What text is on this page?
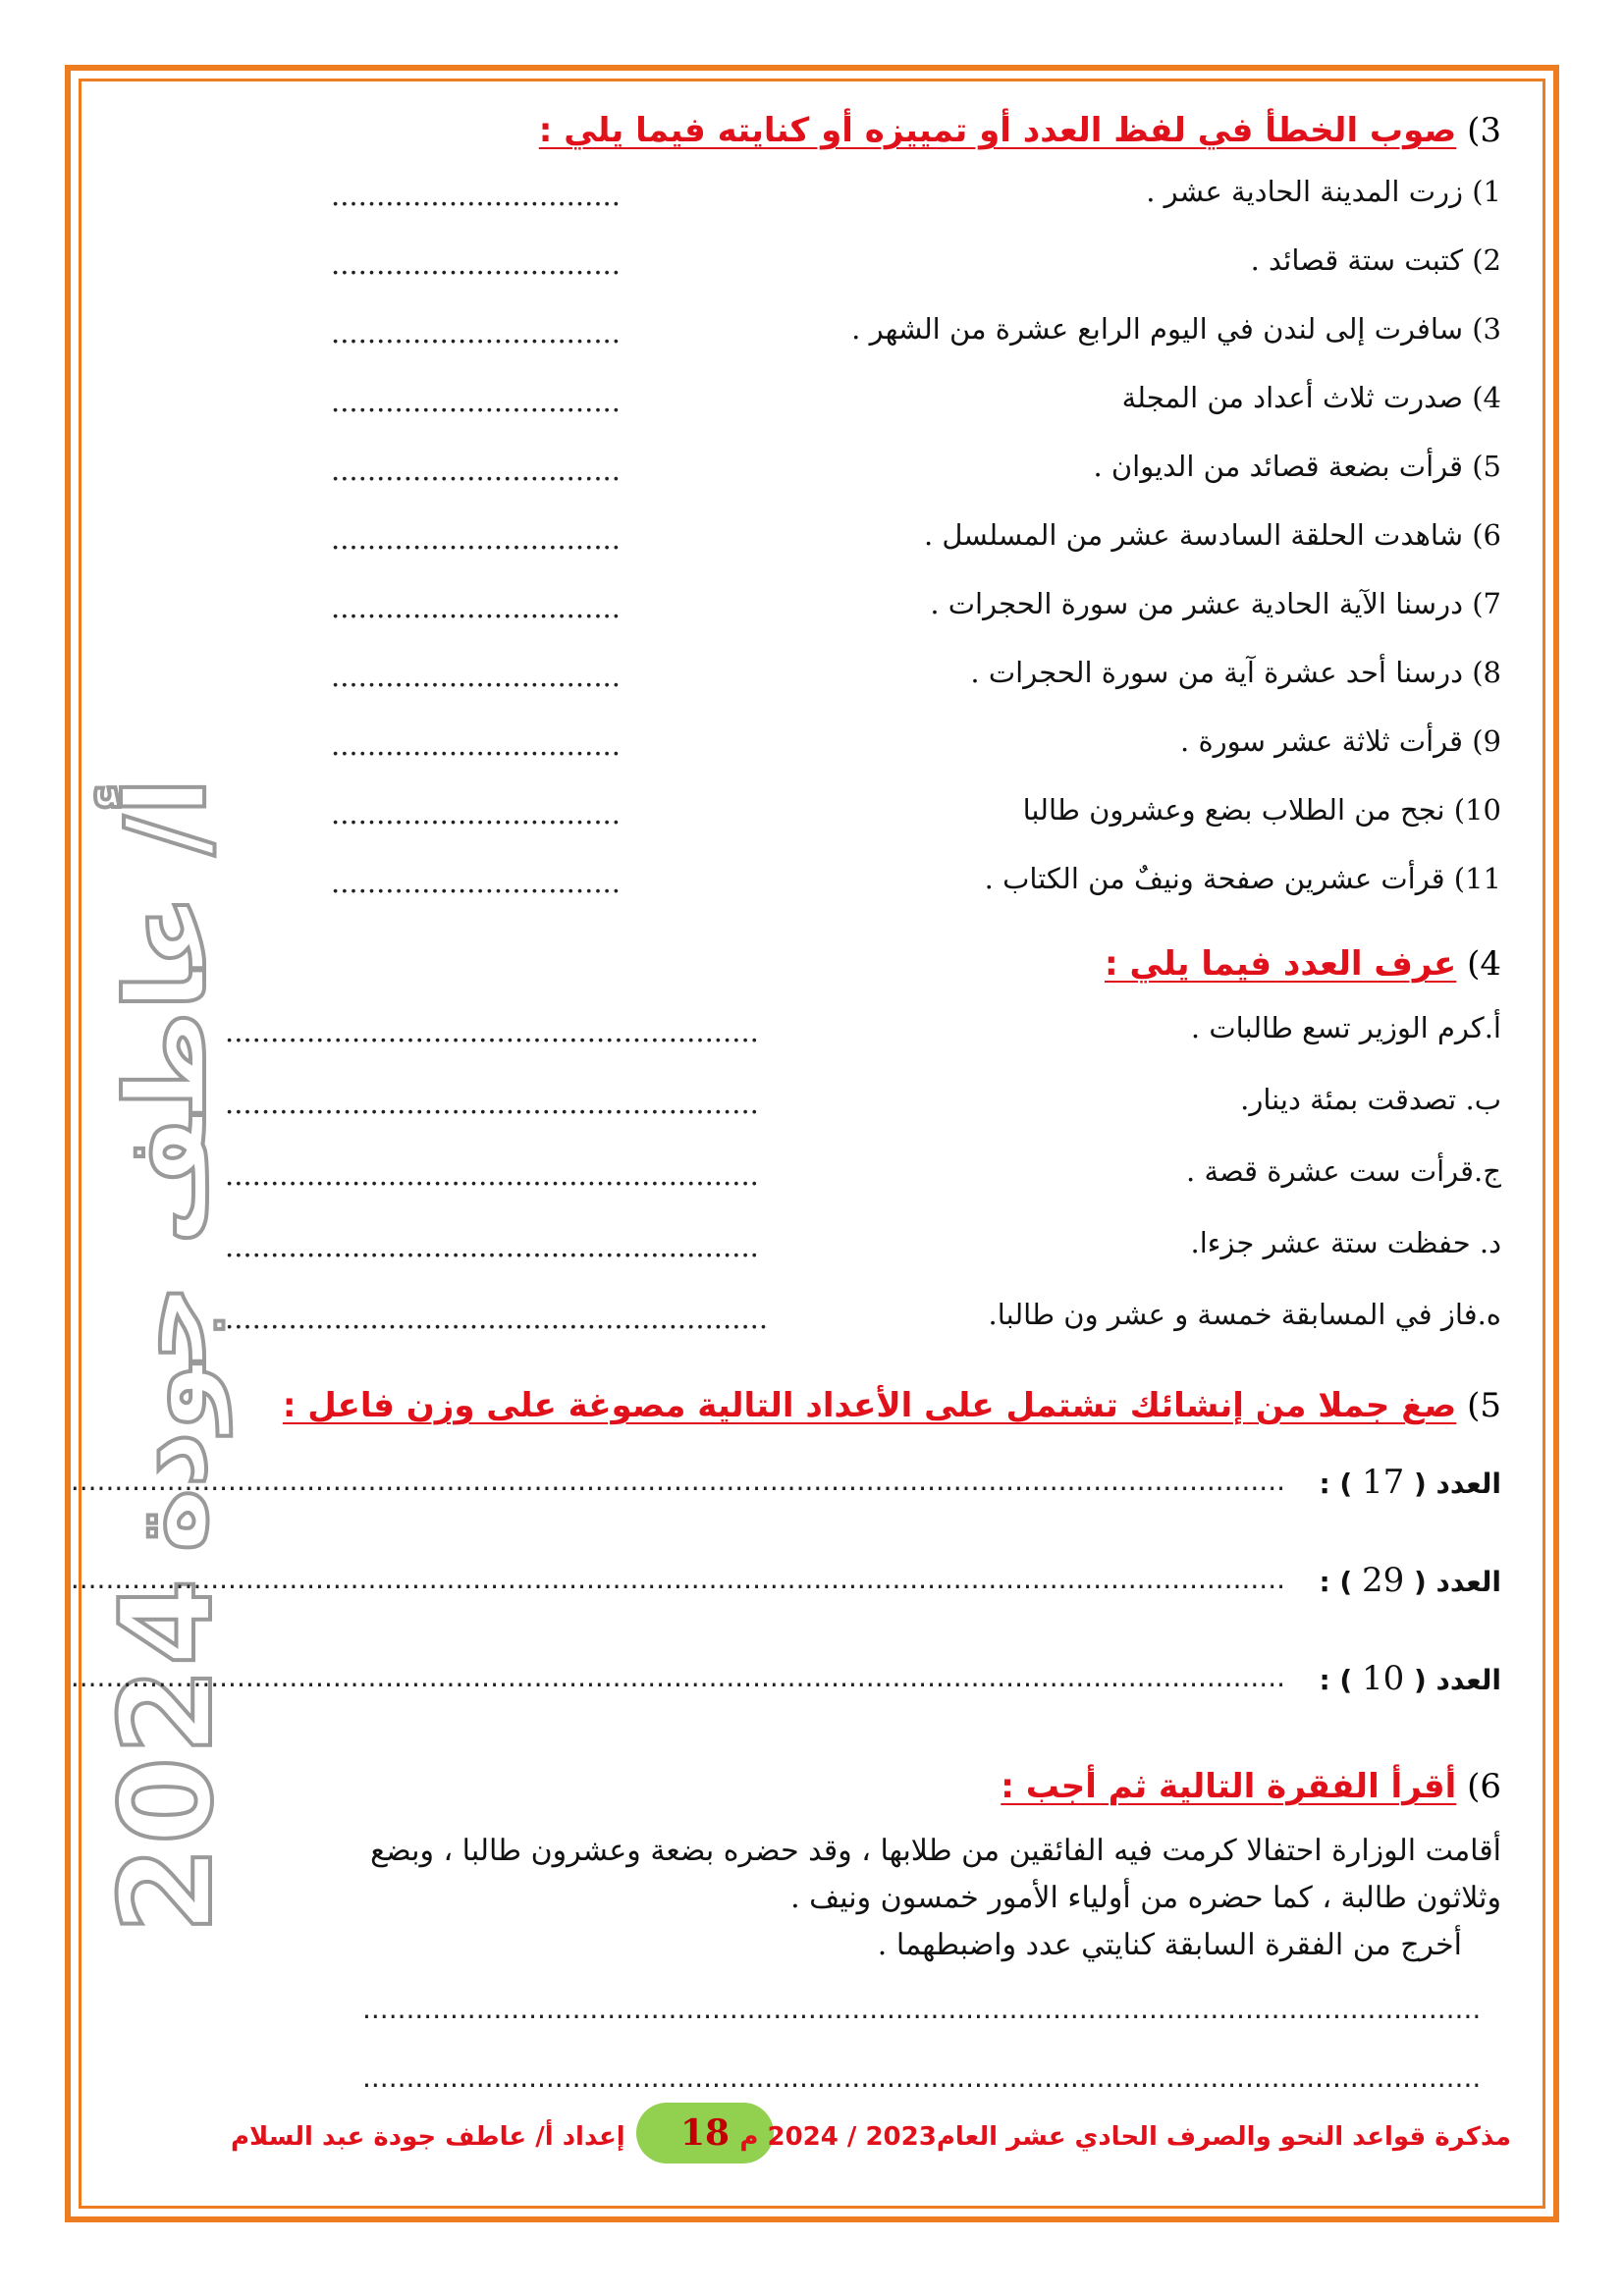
2024
أ/ عاطف جودة
3) صوب الخطأ في لفظ العدد أو تمييزه أو كنايته فيما يلي :
1) زرت المدينة الحادية عشر .
................................
2) كتبت ستة قصائد .
................................
3) سافرت إلى لندن في اليوم الرابع عشرة من الشهر .
................................
4) صدرت ثلاث أعداد من المجلة
................................
5) قرأت بضعة قصائد من الديوان .
................................
6) شاهدت الحلقة السادسة عشر من المسلسل .
................................
7) درسنا الآية الحادية عشر من سورة الحجرات .
................................
8) درسنا أحد عشرة آية من سورة الحجرات .
................................
9) قرأت ثلاثة عشر سورة .
................................
10) نجح من الطلاب بضع وعشرون طالبا
................................
11) قرأت عشرين صفحة ونيفٌ من الكتاب .
................................
4) عرف العدد فيما يلي :
أ.كرم الوزير تسع طالبات .
...........................................................
ب. تصدقت بمئة دينار.
...........................................................
ج.قرأت ست عشرة قصة .
...........................................................
د. حفظت ستة عشر جزءا.
...........................................................
ه.فاز في المسابقة خمسة و عشر ون طالبا.
............................................................
5) صغ جملا من إنشائك تشتمل على الأعداد التالية مصوغة على وزن فاعل :
العدد ( 17 ) :
...........................................................................................................................................
العدد ( 29 ) :
...........................................................................................................................................
العدد ( 10 ) :
...........................................................................................................................................
6) أقرأ الفقرة التالية ثم أجب :

أقامت الوزارة احتفالا كرمت فيه الفائقين من طلابها ، وقد حضره بضعة وعشرون طالبا ، وبضع

وثلاثون طالبة ، كما حضره من أولياء الأمور خمسون ونيف .

أخرج من الفقرة السابقة كنايتي عدد واضبطهما .

................................................................................................................................
................................................................................................................................
إعداد أ/ عاطف جودة عبد السلام 18 مذكرة قواعد النحو والصرف الحادي عشر العام2023 / 2024 م
